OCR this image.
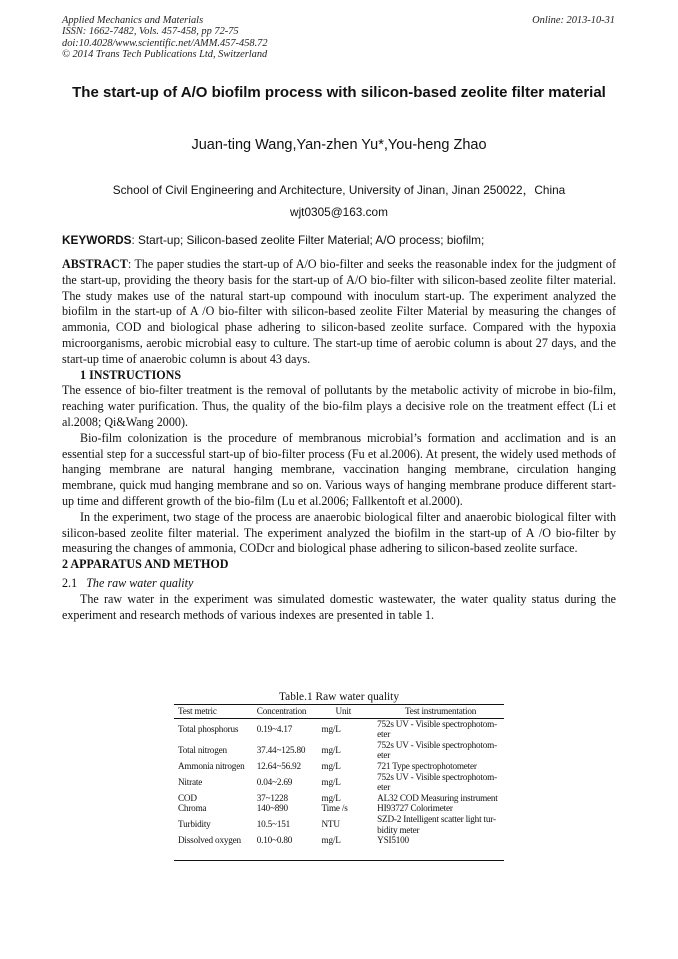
Applied Mechanics and Materials
ISSN: 1662-7482, Vols. 457-458, pp 72-75
doi:10.4028/www.scientific.net/AMM.457-458.72
© 2014 Trans Tech Publications Ltd, Switzerland
Online: 2013-10-31
The start-up of A/O biofilm process with silicon-based zeolite filter material
Juan-ting Wang,Yan-zhen Yu*,You-heng Zhao
School of Civil Engineering and Architecture, University of Jinan, Jinan 250022，China
wjt0305@163.com
KEYWORDS: Start-up; Silicon-based zeolite Filter Material; A/O process; biofilm;

ABSTRACT: The paper studies the start-up of A/O bio-filter and seeks the reasonable index for the judgment of the start-up, providing the theory basis for the start-up of A/O bio-filter with silicon-based zeolite filter material. The study makes use of the natural start-up compound with inoculum start-up. The experiment analyzed the biofilm in the start-up of A /O bio-filter with silicon-based zeolite Filter Material by measuring the changes of ammonia, COD and biological phase adhering to silicon-based zeolite surface. Compared with the hypoxia microorganisms, aerobic microbial easy to culture. The start-up time of aerobic column is about 27 days, and the start-up time of anaerobic column is about 43 days.

1 INSTRUCTIONS

The essence of bio-filter treatment is the removal of pollutants by the metabolic activity of microbe in bio-film, reaching water purification. Thus, the quality of the bio-film plays a decisive role on the treatment effect (Li et al.2008; Qi&Wang 2000).

Bio-film colonization is the procedure of membranous microbial’s formation and acclimation and is an essential step for a successful start-up of bio-filter process (Fu et al.2006). At present, the widely used methods of hanging membrane are natural hanging membrane, vaccination hanging membrane, circulation hanging membrane, quick mud hanging membrane and so on. Various ways of hanging membrane produce different start-up time and different growth of the bio-film (Lu et al.2006; Fallkentoft et al.2000).

In the experiment, two stage of the process are anaerobic biological filter and anaerobic biological filter with silicon-based zeolite filter material. The experiment analyzed the biofilm in the start-up of A /O bio-filter by measuring the changes of ammonia, CODcr and biological phase adhering to silicon-based zeolite surface.

2 APPARATUS AND METHOD

2.1 The raw water quality

The raw water in the experiment was simulated domestic wastewater, the water quality status during the experiment and research methods of various indexes are presented in table 1.

Table.1 Raw water quality
Test metric	Concentration	Unit	Test instrumentation
Total phosphorus	0.19~4.17	mg/L	752s UV - Visible spectrophotom-eter
Total nitrogen	37.44~125.80	mg/L	752s UV - Visible spectrophotom-eter
Ammonia nitrogen	12.64~56.92	mg/L	721 Type spectrophotometer
Nitrate	0.04~2.69	mg/L	752s UV - Visible spectrophotom-eter
COD	37~1228	mg/L	AL32 COD Measuring instrument
Chroma	140~890	Time /s	HI93727 Colorimeter
Turbidity	10.5~151	NTU	SZD-2 Intelligent scatter light tur-bidity meter
Dissolved oxygen	0.10~0.80	mg/L	YSI5100
